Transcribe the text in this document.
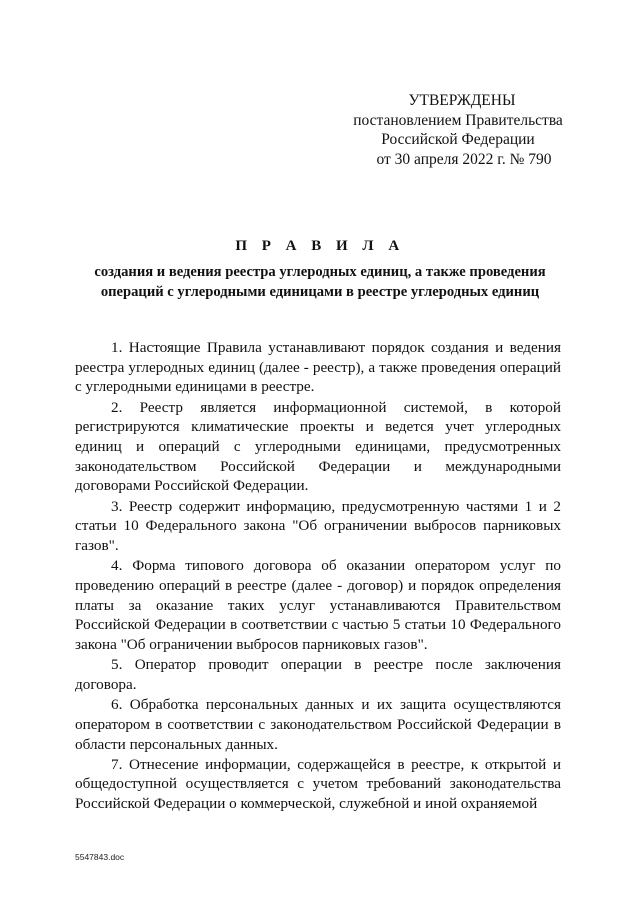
УТВЕРЖДЕНЫ
постановлением Правительства
Российской Федерации
от 30 апреля 2022 г. № 790
П Р А В И Л А
создания и ведения реестра углеродных единиц, а также проведения
операций с углеродными единицами в реестре углеродных единиц

1. Настоящие Правила устанавливают порядок создания и ведения реестра углеродных единиц (далее - реестр), а также проведения операций с углеродными единицами в реестре.

2. Реестр является информационной системой, в которой регистрируются климатические проекты и ведется учет углеродных единиц и операций с углеродными единицами, предусмотренных законодательством Российской Федерации и международными договорами Российской Федерации.

3. Реестр содержит информацию, предусмотренную частями 1 и 2 статьи 10 Федерального закона "Об ограничении выбросов парниковых газов".

4. Форма типового договора об оказании оператором услуг по проведению операций в реестре (далее - договор) и порядок определения платы за оказание таких услуг устанавливаются Правительством Российской Федерации в соответствии с частью 5 статьи 10 Федерального закона "Об ограничении выбросов парниковых газов".

5. Оператор проводит операции в реестре после заключения договора.

6. Обработка персональных данных и их защита осуществляются оператором в соответствии с законодательством Российской Федерации в области персональных данных.

7. Отнесение информации, содержащейся в реестре, к открытой и общедоступной осуществляется с учетом требований законодательства Российской Федерации о коммерческой, служебной и иной охраняемой

5547843.doc
